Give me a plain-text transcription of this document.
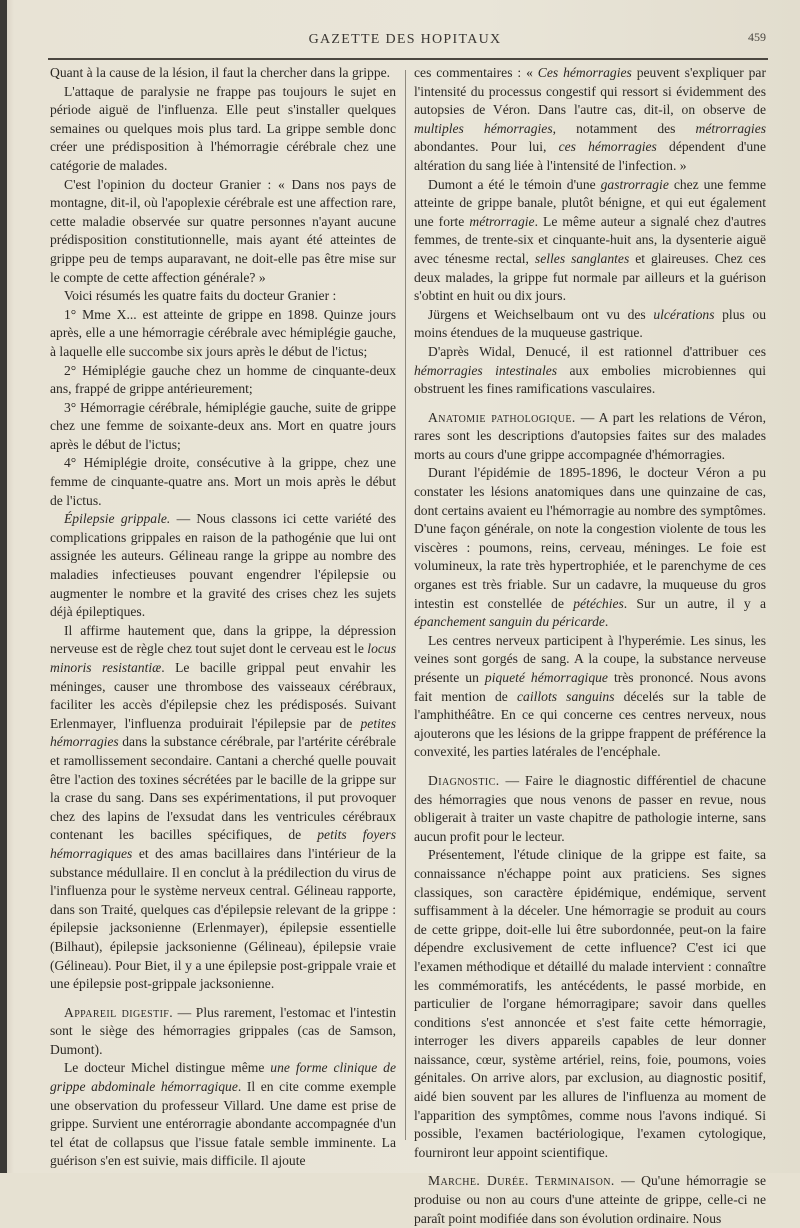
GAZETTE DES HOPITAUX	459

Quant à la cause de la lésion, il faut la chercher dans la grippe.

L'attaque de paralysie ne frappe pas toujours le sujet en période aiguë de l'influenza. Elle peut s'installer quelques semaines ou quelques mois plus tard. La grippe semble donc créer une prédisposition à l'hémorragie cérébrale chez une catégorie de malades.

C'est l'opinion du docteur Granier : « Dans nos pays de montagne, dit-il, où l'apoplexie cérébrale est une affection rare, cette maladie observée sur quatre personnes n'ayant aucune prédisposition constitutionnelle, mais ayant été atteintes de grippe peu de temps auparavant, ne doit-elle pas être mise sur le compte de cette affection générale? »

Voici résumés les quatre faits du docteur Granier :

1° Mme X... est atteinte de grippe en 1898. Quinze jours après, elle a une hémorragie cérébrale avec hémiplégie gauche, à laquelle elle succombe six jours après le début de l'ictus;

2° Hémiplégie gauche chez un homme de cinquante-deux ans, frappé de grippe antérieurement;

3° Hémorragie cérébrale, hémiplégie gauche, suite de grippe chez une femme de soixante-deux ans. Mort en quatre jours après le début de l'ictus;

4° Hémiplégie droite, consécutive à la grippe, chez une femme de cinquante-quatre ans. Mort un mois après le début de l'ictus.

Épilepsie grippale. — Nous classons ici cette variété des complications grippales en raison de la pathogénie que lui ont assignée les auteurs. Gélineau range la grippe au nombre des maladies infectieuses pouvant engendrer l'épilepsie ou augmenter le nombre et la gravité des crises chez les sujets déjà épileptiques.

Il affirme hautement que, dans la grippe, la dépression nerveuse est de règle chez tout sujet dont le cerveau est le locus minoris resistantiæ. Le bacille grippal peut envahir les méninges, causer une thrombose des vaisseaux cérébraux, faciliter les accès d'épilepsie chez les prédisposés. Suivant Erlenmayer, l'influenza produirait l'épilepsie par de petites hémorragies dans la substance cérébrale, par l'artérite cérébrale et ramollissement secondaire. Cantani a cherché quelle pouvait être l'action des toxines sécrétées par le bacille de la grippe sur la crase du sang. Dans ses expérimentations, il put provoquer chez des lapins de l'exsudat dans les ventricules cérébraux contenant les bacilles spécifiques, de petits foyers hémorragiques et des amas bacillaires dans l'intérieur de la substance médullaire. Il en conclut à la prédilection du virus de l'influenza pour le système nerveux central. Gélineau rapporte, dans son Traité, quelques cas d'épilepsie relevant de la grippe : épilepsie jacksonienne (Erlenmayer), épilepsie essentielle (Bilhaut), épilepsie jacksonienne (Gélineau), épilepsie vraie (Gélineau). Pour Biet, il y a une épilepsie post-grippale vraie et une épilepsie post-grippale jacksonienne.

Appareil digestif. — Plus rarement, l'estomac et l'intestin sont le siège des hémorragies grippales (cas de Samson, Dumont).

Le docteur Michel distingue même une forme clinique de grippe abdominale hémorragique. Il en cite comme exemple une observation du professeur Villard. Une dame est prise de grippe. Survient une entérorragie abondante accompagnée d'un tel état de collapsus que l'issue fatale semble imminente. La guérison s'en est suivie, mais difficile. Il ajoute

ces commentaires : « Ces hémorragies peuvent s'expliquer par l'intensité du processus congestif qui ressort si évidemment des autopsies de Véron. Dans l'autre cas, dit-il, on observe de multiples hémorragies, notamment des métrorragies abondantes. Pour lui, ces hémorragies dépendent d'une altération du sang liée à l'intensité de l'infection. »

Dumont a été le témoin d'une gastrorragie chez une femme atteinte de grippe banale, plutôt bénigne, et qui eut également une forte métrorragie. Le même auteur a signalé chez d'autres femmes, de trente-six et cinquante-huit ans, la dysenterie aiguë avec ténesme rectal, selles sanglantes et glaireuses. Chez ces deux malades, la grippe fut normale par ailleurs et la guérison s'obtint en huit ou dix jours.

Jürgens et Weichselbaum ont vu des ulcérations plus ou moins étendues de la muqueuse gastrique.

D'après Widal, Denucé, il est rationnel d'attribuer ces hémorragies intestinales aux embolies microbiennes qui obstruent les fines ramifications vasculaires.

Anatomie pathologique. — A part les relations de Véron, rares sont les descriptions d'autopsies faites sur des malades morts au cours d'une grippe accompagnée d'hémorragies.

Durant l'épidémie de 1895-1896, le docteur Véron a pu constater les lésions anatomiques dans une quinzaine de cas, dont certains avaient eu l'hémorragie au nombre des symptômes. D'une façon générale, on note la congestion violente de tous les viscères : poumons, reins, cerveau, méninges. Le foie est volumineux, la rate très hypertrophiée, et le parenchyme de ces organes est très friable. Sur un cadavre, la muqueuse du gros intestin est constellée de pétéchies. Sur un autre, il y a épanchement sanguin du péricarde.

Les centres nerveux participent à l'hyperémie. Les sinus, les veines sont gorgés de sang. A la coupe, la substance nerveuse présente un piqueté hémorragique très prononcé. Nous avons fait mention de caillots sanguins décelés sur la table de l'amphithéâtre. En ce qui concerne ces centres nerveux, nous ajouterons que les lésions de la grippe frappent de préférence la convexité, les parties latérales de l'encéphale.

Diagnostic. — Faire le diagnostic différentiel de chacune des hémorragies que nous venons de passer en revue, nous obligerait à traiter un vaste chapitre de pathologie interne, sans aucun profit pour le lecteur.

Présentement, l'étude clinique de la grippe est faite, sa connaissance n'échappe point aux praticiens. Ses signes classiques, son caractère épidémique, endémique, servent suffisamment à la déceler. Une hémorragie se produit au cours de cette grippe, doit-elle lui être subordonnée, peut-on la faire dépendre exclusivement de cette influence? C'est ici que l'examen méthodique et détaillé du malade intervient : connaître les commémoratifs, les antécédents, le passé morbide, en particulier de l'organe hémorragipare; savoir dans quelles conditions s'est annoncée et s'est faite cette hémorragie, interroger les divers appareils capables de leur donner naissance, cœur, système artériel, reins, foie, poumons, voies génitales. On arrive alors, par exclusion, au diagnostic positif, aidé bien souvent par les allures de l'influenza au moment de l'apparition des symptômes, comme nous l'avons indiqué. Si possible, l'examen bactériologique, l'examen cytologique, fourniront leur appoint scientifique.

Marche. Durée. Terminaison. — Qu'une hémorragie se produise ou non au cours d'une atteinte de grippe, celle-ci ne paraît point modifiée dans son évolution ordinaire. Nous
